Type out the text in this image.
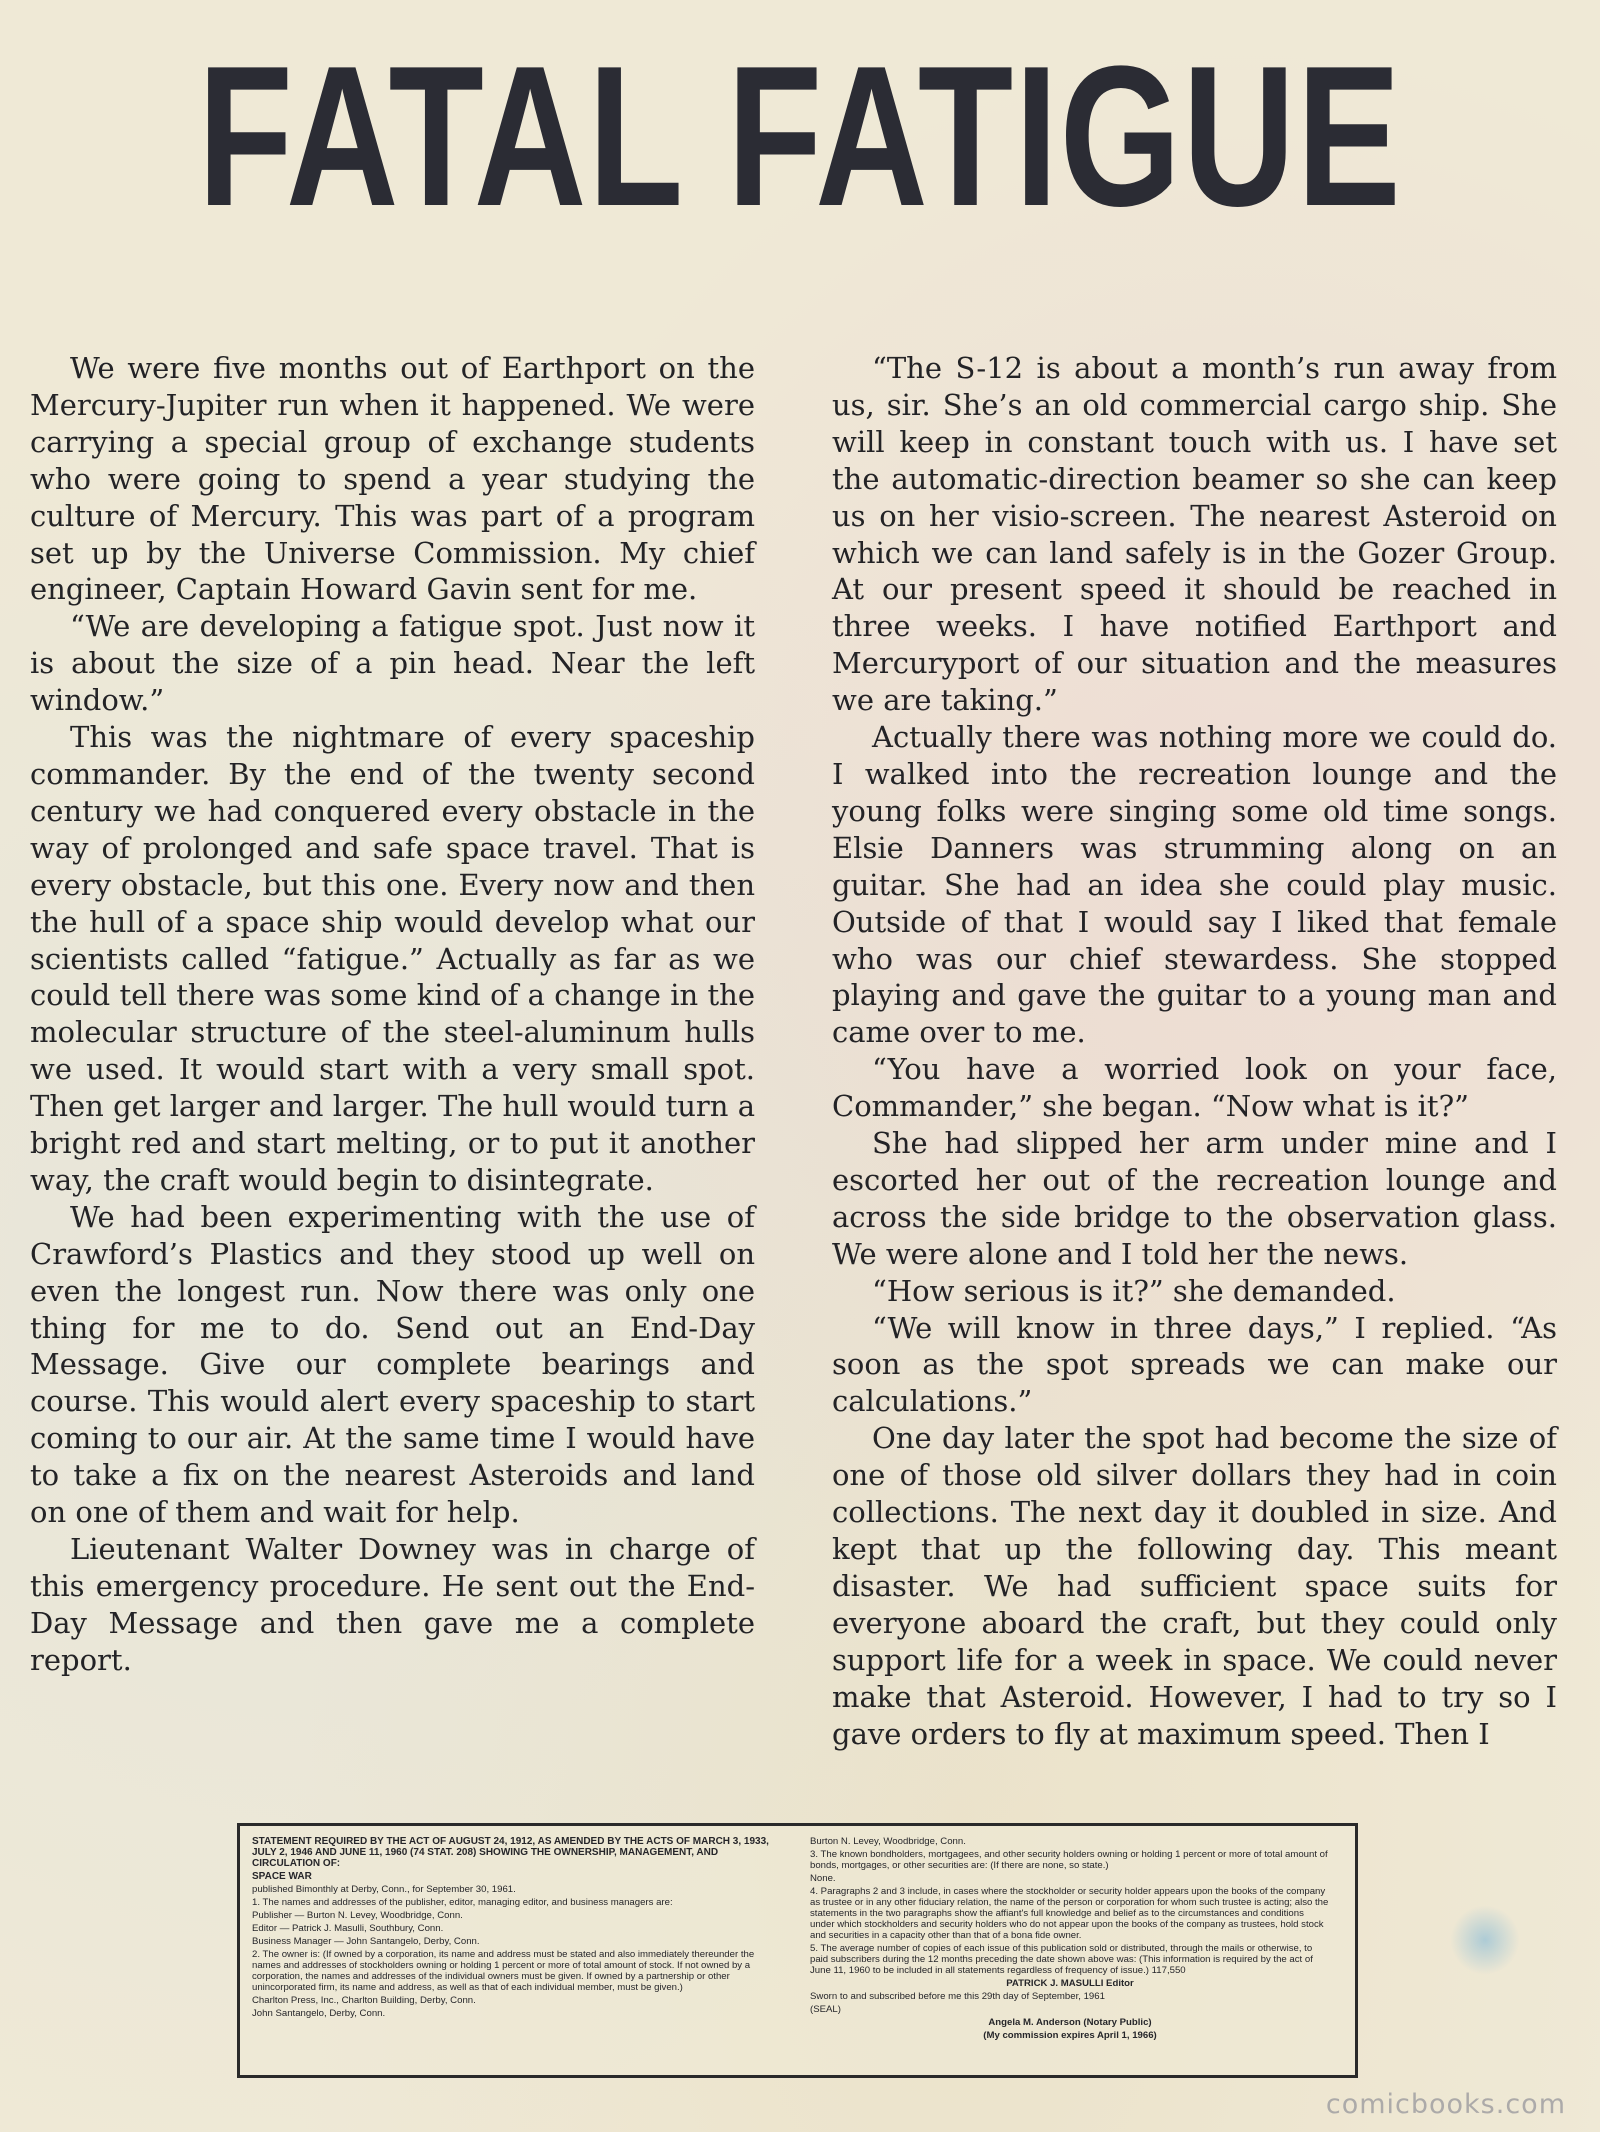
FATAL FATIGUE

We were five months out of Earthport on the Mercury-Jupiter run when it happened. We were carrying a special group of exchange students who were going to spend a year studying the culture of Mercury. This was part of a program set up by the Universe Commission. My chief engineer, Captain Howard Gavin sent for me.

“We are developing a fatigue spot. Just now it is about the size of a pin head. Near the left window.”

This was the nightmare of every spaceship commander. By the end of the twenty second century we had conquered every obstacle in the way of prolonged and safe space travel. That is every obstacle, but this one. Every now and then the hull of a space ship would develop what our scientists called “fatigue.” Actually as far as we could tell there was some kind of a change in the molecular structure of the steel-aluminum hulls we used. It would start with a very small spot. Then get larger and larger. The hull would turn a bright red and start melting, or to put it another way, the craft would begin to disintegrate.

We had been experimenting with the use of Crawford’s Plastics and they stood up well on even the longest run. Now there was only one thing for me to do. Send out an End-Day Message. Give our complete bearings and course. This would alert every spaceship to start coming to our air. At the same time I would have to take a fix on the nearest Asteroids and land on one of them and wait for help.

Lieutenant Walter Downey was in charge of this emergency procedure. He sent out the End-Day Message and then gave me a complete report.

“The S-12 is about a month’s run away from us, sir. She’s an old commercial cargo ship. She will keep in constant touch with us. I have set the automatic-direction beamer so she can keep us on her visio-screen. The nearest Asteroid on which we can land safely is in the Gozer Group. At our present speed it should be reached in three weeks. I have notified Earthport and Mercuryport of our situation and the measures we are taking.”

Actually there was nothing more we could do. I walked into the recreation lounge and the young folks were singing some old time songs. Elsie Danners was strumming along on an guitar. She had an idea she could play music. Outside of that I would say I liked that female who was our chief stewardess. She stopped playing and gave the guitar to a young man and came over to me.

“You have a worried look on your face, Commander,” she began. “Now what is it?”

She had slipped her arm under mine and I escorted her out of the recreation lounge and across the side bridge to the observation glass. We were alone and I told her the news.

“How serious is it?” she demanded.

“We will know in three days,” I replied. “As soon as the spot spreads we can make our calculations.”

One day later the spot had become the size of one of those old silver dollars they had in coin collections. The next day it doubled in size. And kept that up the following day. This meant disaster. We had sufficient space suits for everyone aboard the craft, but they could only support life for a week in space. We could never make that Asteroid. However, I had to try so I gave orders to fly at maximum speed. Then I

STATEMENT REQUIRED BY THE ACT OF AUGUST 24, 1912, AS AMENDED BY THE ACTS OF MARCH 3, 1933, JULY 2, 1946 AND JUNE 11, 1960 (74 STAT. 208) SHOWING THE OWNERSHIP, MANAGEMENT, AND CIRCULATION OF:

SPACE WAR

published Bimonthly at Derby, Conn., for September 30, 1961.

1. The names and addresses of the publisher, editor, managing editor, and business managers are:

Publisher — Burton N. Levey, Woodbridge, Conn.

Editor — Patrick J. Masulli, Southbury, Conn.

Business Manager — John Santangelo, Derby, Conn.

2. The owner is: (If owned by a corporation, its name and address must be stated and also immediately thereunder the names and addresses of stockholders owning or holding 1 percent or more of total amount of stock. If not owned by a corporation, the names and addresses of the individual owners must be given. If owned by a partnership or other unincorporated firm, its name and address, as well as that of each individual member, must be given.)

Charlton Press, Inc., Charlton Building, Derby, Conn.

John Santangelo, Derby, Conn.

Burton N. Levey, Woodbridge, Conn.

3. The known bondholders, mortgagees, and other security holders owning or holding 1 percent or more of total amount of bonds, mortgages, or other securities are: (If there are none, so state.)

None.

4. Paragraphs 2 and 3 include, in cases where the stockholder or security holder appears upon the books of the company as trustee or in any other fiduciary relation, the name of the person or corporation for whom such trustee is acting; also the statements in the two paragraphs show the affiant's full knowledge and belief as to the circumstances and conditions under which stockholders and security holders who do not appear upon the books of the company as trustees, hold stock and securities in a capacity other than that of a bona fide owner.

5. The average number of copies of each issue of this publication sold or distributed, through the mails or otherwise, to paid subscribers during the 12 months preceding the date shown above was: (This information is required by the act of June 11, 1960 to be included in all statements regardless of frequency of issue.) 117,550

PATRICK J. MASULLI Editor

Sworn to and subscribed before me this 29th day of September, 1961

(SEAL)

Angela M. Anderson (Notary Public)

(My commission expires April 1, 1966)

comicbooks.com
